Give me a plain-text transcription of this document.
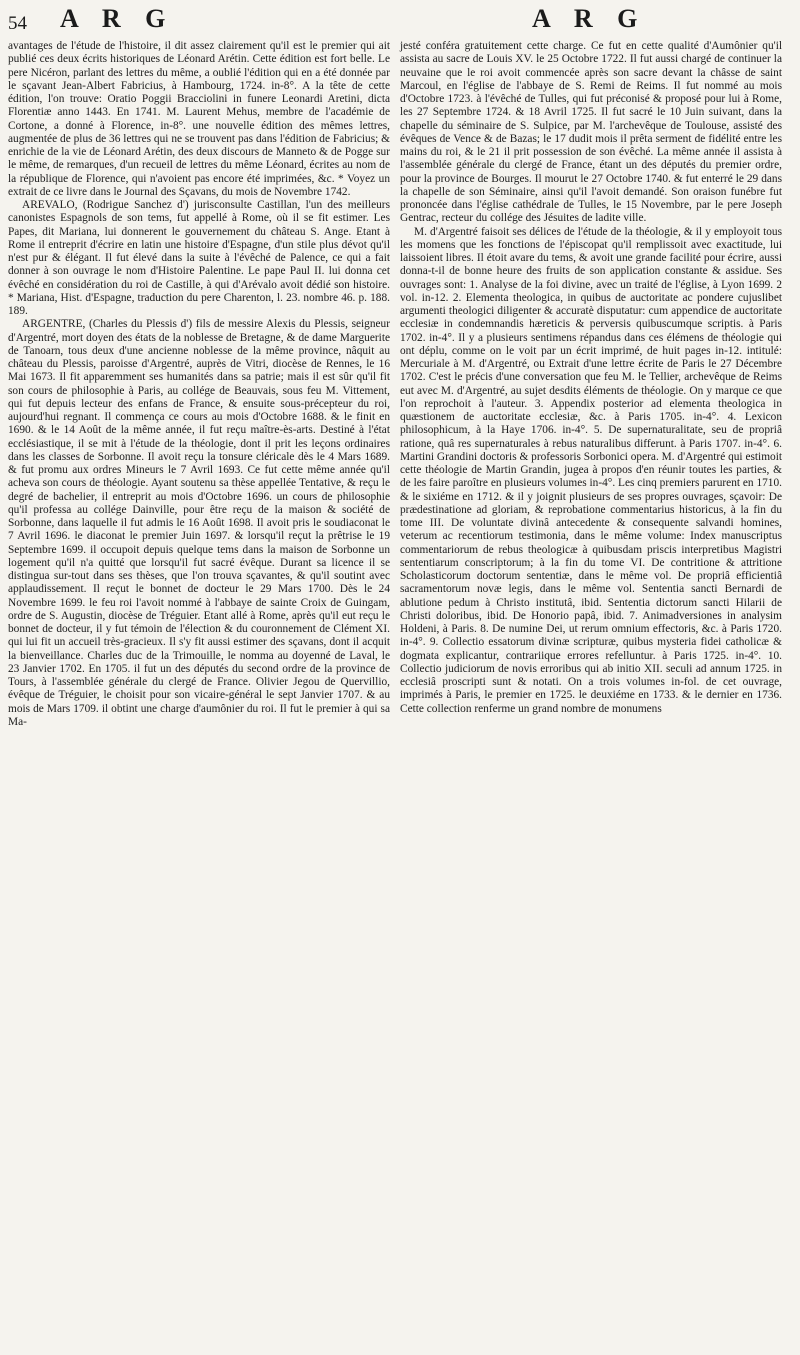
54 A R G	A R G

avantages de l'étude de l'histoire, il dit assez clairement qu'il est le premier qui ait publié ces deux écrits historiques de Léonard Arétin. Cette édition est fort belle. Le pere Nicéron, parlant des lettres du même, a oublié l'édition qui en a été donnée par le sçavant Jean-Albert Fabricius, à Hambourg, 1724. in-8°. A la tête de cette édition, l'on trouve: Oratio Poggii Bracciolini in funere Leonardi Aretini, dicta Florentiæ anno 1443. En 1741. M. Laurent Mehus, membre de l'académie de Cortone, a donné à Florence, in-8°. une nouvelle édition des mêmes lettres, augmentée de plus de 36 lettres qui ne se trouvent pas dans l'édition de Fabricius; & enrichie de la vie de Léonard Arétin, des deux discours de Manneto & de Pogge sur le même, de remarques, d'un recueil de lettres du même Léonard, écrites au nom de la république de Florence, qui n'avoient pas encore été imprimées, &c. * Voyez un extrait de ce livre dans le Journal des Sçavans, du mois de Novembre 1742.

AREVALO, (Rodrigue Sanchez d') jurisconsulte Castillan, l'un des meilleurs canonistes Espagnols de son tems, fut appellé à Rome, où il se fit estimer. Les Papes, dit Mariana, lui donnerent le gouvernement du château S. Ange. Etant à Rome il entreprit d'écrire en latin une histoire d'Espagne, d'un stile plus dévot qu'il n'est pur & élégant. Il fut élevé dans la suite à l'évêché de Palence, ce qui a fait donner à son ouvrage le nom d'Histoire Palentine. Le pape Paul II. lui donna cet évêché en considération du roi de Castille, à qui d'Arévalo avoit dédié son histoire. * Mariana, Hist. d'Espagne, traduction du pere Charenton, l. 23. nombre 46. p. 188. 189.

ARGENTRE, (Charles du Plessis d') fils de messire Alexis du Plessis, seigneur d'Argentré, mort doyen des états de la noblesse de Bretagne, & de dame Marguerite de Tanoarn, tous deux d'une ancienne noblesse de la même province, nâquit au château du Plessis, paroisse d'Argentré, auprès de Vitri, diocèse de Rennes, le 16 Mai 1673. Il fit apparemment ses humanités dans sa patrie; mais il est sûr qu'il fit son cours de philosophie à Paris, au collége de Beauvais, sous feu M. Vittement, qui fut depuis lecteur des enfans de France, & ensuite sous-précepteur du roi, aujourd'hui regnant. Il commença ce cours au mois d'Octobre 1688. & le finit en 1690. & le 14 Août de la même année, il fut reçu maître-ès-arts. Destiné à l'état ecclésiastique, il se mit à l'étude de la théologie, dont il prit les leçons ordinaires dans les classes de Sorbonne. Il avoit reçu la tonsure cléricale dès le 4 Mars 1689. & fut promu aux ordres Mineurs le 7 Avril 1693. Ce fut cette même année qu'il acheva son cours de théologie. Ayant soutenu sa thèse appellée Tentative, & reçu le degré de bachelier, il entreprit au mois d'Octobre 1696. un cours de philosophie qu'il professa au collége Dainville, pour être reçu de la maison & société de Sorbonne, dans laquelle il fut admis le 16 Août 1698. Il avoit pris le soudiaconat le 7 Avril 1696. le diaconat le premier Juin 1697. & lorsqu'il reçut la prêtrise le 19 Septembre 1699. il occupoit depuis quelque tems dans la maison de Sorbonne un logement qu'il n'a quitté que lorsqu'il fut sacré évêque. Durant sa licence il se distingua sur-tout dans ses thèses, que l'on trouva sçavantes, & qu'il soutint avec applaudissement. Il reçut le bonnet de docteur le 29 Mars 1700. Dès le 24 Novembre 1699. le feu roi l'avoit nommé à l'abbaye de sainte Croix de Guingam, ordre de S. Augustin, diocèse de Tréguier. Etant allé à Rome, après qu'il eut reçu le bonnet de docteur, il y fut témoin de l'élection & du couronnement de Clément XI. qui lui fit un accueil très-gracieux. Il s'y fit aussi estimer des sçavans, dont il acquit la bienveillance. Charles duc de la Trimouille, le nomma au doyenné de Laval, le 23 Janvier 1702. En 1705. il fut un des députés du second ordre de la province de Tours, à l'assemblée générale du clergé de France. Olivier Jegou de Quervillio, évêque de Tréguier, le choisit pour son vicaire-général le sept Janvier 1707. & au mois de Mars 1709. il obtint une charge d'aumônier du roi. Il fut le premier à qui sa Ma-

jesté conféra gratuitement cette charge. Ce fut en cette qualité d'Aumônier qu'il assista au sacre de Louis XV. le 25 Octobre 1722. Il fut aussi chargé de continuer la neuvaine que le roi avoit commencée après son sacre devant la châsse de saint Marcoul, en l'église de l'abbaye de S. Remi de Reims. Il fut nommé au mois d'Octobre 1723. à l'évêché de Tulles, qui fut préconisé & proposé pour lui à Rome, les 27 Septembre 1724. & 18 Avril 1725. Il fut sacré le 10 Juin suivant, dans la chapelle du séminaire de S. Sulpice, par M. l'archevêque de Toulouse, assisté des évêques de Vence & de Bazas; le 17 dudit mois il prêta serment de fidélité entre les mains du roi, & le 21 il prit possession de son évêché. La même année il assista à l'assemblée générale du clergé de France, étant un des députés du premier ordre, pour la province de Bourges. Il mourut le 27 Octobre 1740. & fut enterré le 29 dans la chapelle de son Séminaire, ainsi qu'il l'avoit demandé. Son oraison funébre fut prononcée dans l'église cathédrale de Tulles, le 15 Novembre, par le pere Joseph Gentrac, recteur du collége des Jésuites de ladite ville.

M. d'Argentré faisoit ses délices de l'étude de la théologie, & il y employoit tous les momens que les fonctions de l'épiscopat qu'il remplissoit avec exactitude, lui laissoient libres. Il étoit avare du tems, & avoit une grande facilité pour écrire, aussi donna-t-il de bonne heure des fruits de son application constante & assidue. Ses ouvrages sont: 1. Analyse de la foi divine, avec un traité de l'église, à Lyon 1699. 2 vol. in-12. 2. Elementa theologica, in quibus de auctoritate ac pondere cujuslibet argumenti theologici diligenter & accuratè disputatur: cum appendice de auctoritate ecclesiæ in condemnandis hæreticis & perversis quibuscumque scriptis. à Paris 1702. in-4°. Il y a plusieurs sentimens répandus dans ces élémens de théologie qui ont déplu, comme on le voit par un écrit imprimé, de huit pages in-12. intitulé: Mercuriale à M. d'Argentré, ou Extrait d'une lettre écrite de Paris le 27 Décembre 1702. C'est le précis d'une conversation que feu M. le Tellier, archevêque de Reims eut avec M. d'Argentré, au sujet desdits éléments de théologie. On y marque ce que l'on reprochoit à l'auteur. 3. Appendix posterior ad elementa theologica in quæstionem de auctoritate ecclesiæ, &c. à Paris 1705. in-4°. 4. Lexicon philosophicum, à la Haye 1706. in-4°. 5. De supernaturalitate, seu de propriâ ratione, quâ res supernaturales à rebus naturalibus differunt. à Paris 1707. in-4°. 6. Martini Grandini doctoris & professoris Sorbonici opera. M. d'Argentré qui estimoit cette théologie de Martin Grandin, jugea à propos d'en réunir toutes les parties, & de les faire paroître en plusieurs volumes in-4°. Les cinq premiers parurent en 1710. & le sixiéme en 1712. & il y joignit plusieurs de ses propres ouvrages, sçavoir: De prædestinatione ad gloriam, & reprobatione commentarius historicus, à la fin du tome III. De voluntate divinâ antecedente & consequente salvandi homines, veterum ac recentiorum testimonia, dans le même volume: Index manuscriptus commentariorum de rebus theologicæ à quibusdam priscis interpretibus Magistri sententiarum conscriptorum; à la fin du tome VI. De contritione & attritione Scholasticorum doctorum sententiæ, dans le même vol. De propriâ efficientiâ sacramentorum novæ legis, dans le même vol. Sententia sancti Bernardi de ablutione pedum à Christo institutâ, ibid. Sententia dictorum sancti Hilarii de Christi doloribus, ibid. De Honorio papâ, ibid. 7. Animadversiones in analysim Holdeni, à Paris. 8. De numine Dei, ut rerum omnium effectoris, &c. à Paris 1720. in-4°. 9. Collectio essatorum divinæ scripturæ, quibus mysteria fidei catholicæ & dogmata explicantur, contrariique errores refelluntur. à Paris 1725. in-4°. 10. Collectio judiciorum de novis erroribus qui ab initio XII. seculi ad annum 1725. in ecclesiâ proscripti sunt & notati. On a trois volumes in-fol. de cet ouvrage, imprimés à Paris, le premier en 1725. le deuxiéme en 1733. & le dernier en 1736. Cette collection renferme un grand nombre de monumens
